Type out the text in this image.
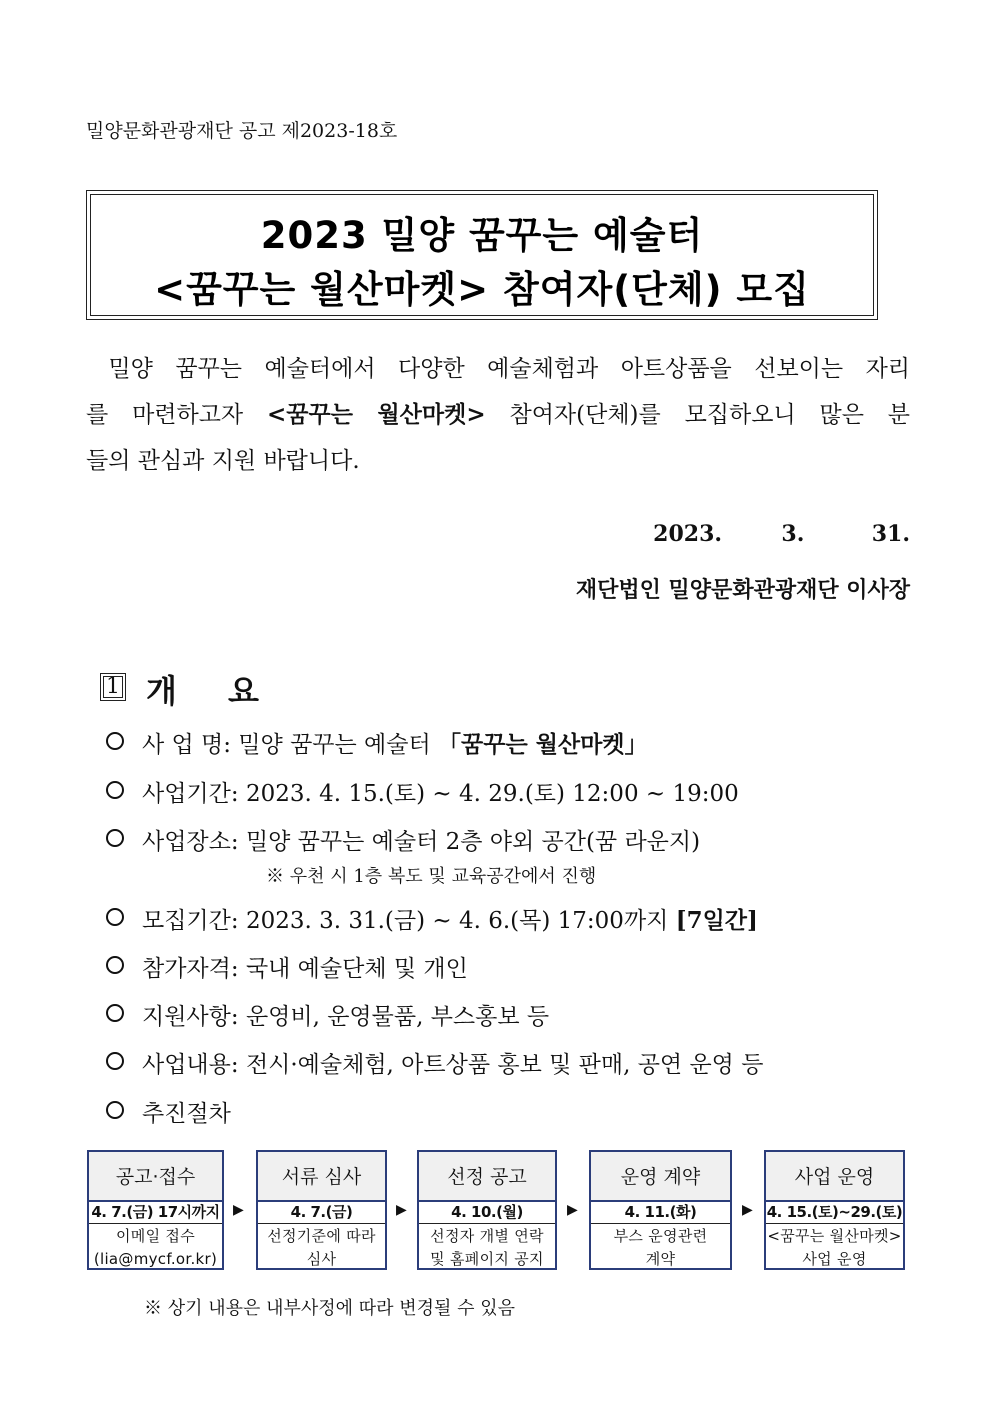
밀양문화관광재단 공고 제2023-18호
2023 밀양 꿈꾸는 예술터
<꿈꾸는 월산마켓> 참여자(단체) 모집
밀양 꿈꾸는 예술터에서 다양한 예술체험과 아트상품을 선보이는 자리
를 마련하고자 <꿈꾸는 월산마켓> 참여자(단체)를 모집하오니 많은 분
들의 관심과 지원 바랍니다.
2023.	3.	31.
재단법인 밀양문화관광재단 이사장
1 개 요
사 업 명: 밀양 꿈꾸는 예술터 「꿈꾸는 월산마켓」
사업기간: 2023. 4. 15.(토) ~ 4. 29.(토) 12:00 ~ 19:00
사업장소: 밀양 꿈꾸는 예술터 2층 야외 공간(꿈 라운지)
※ 우천 시 1층 복도 및 교육공간에서 진행
모집기간: 2023. 3. 31.(금) ~ 4. 6.(목) 17:00까지 [7일간]
참가자격: 국내 예술단체 및 개인
지원사항: 운영비, 운영물품, 부스홍보 등
사업내용: 전시·예술체험, 아트상품 홍보 및 판매, 공연 운영 등
추진절차
공고·접수
4. 7.(금) 17시까지
이메일 접수
(lia@mycf.or.kr)
▶
서류 심사
4. 7.(금)
선정기준에 따라
심사
▶
선정 공고
4. 10.(월)
선정자 개별 연락
및 홈페이지 공지
▶
운영 계약
4. 11.(화)
부스 운영관련
계약
▶
사업 운영
4. 15.(토)~29.(토)
<꿈꾸는 월산마켓>
사업 운영
※ 상기 내용은 내부사정에 따라 변경될 수 있음
